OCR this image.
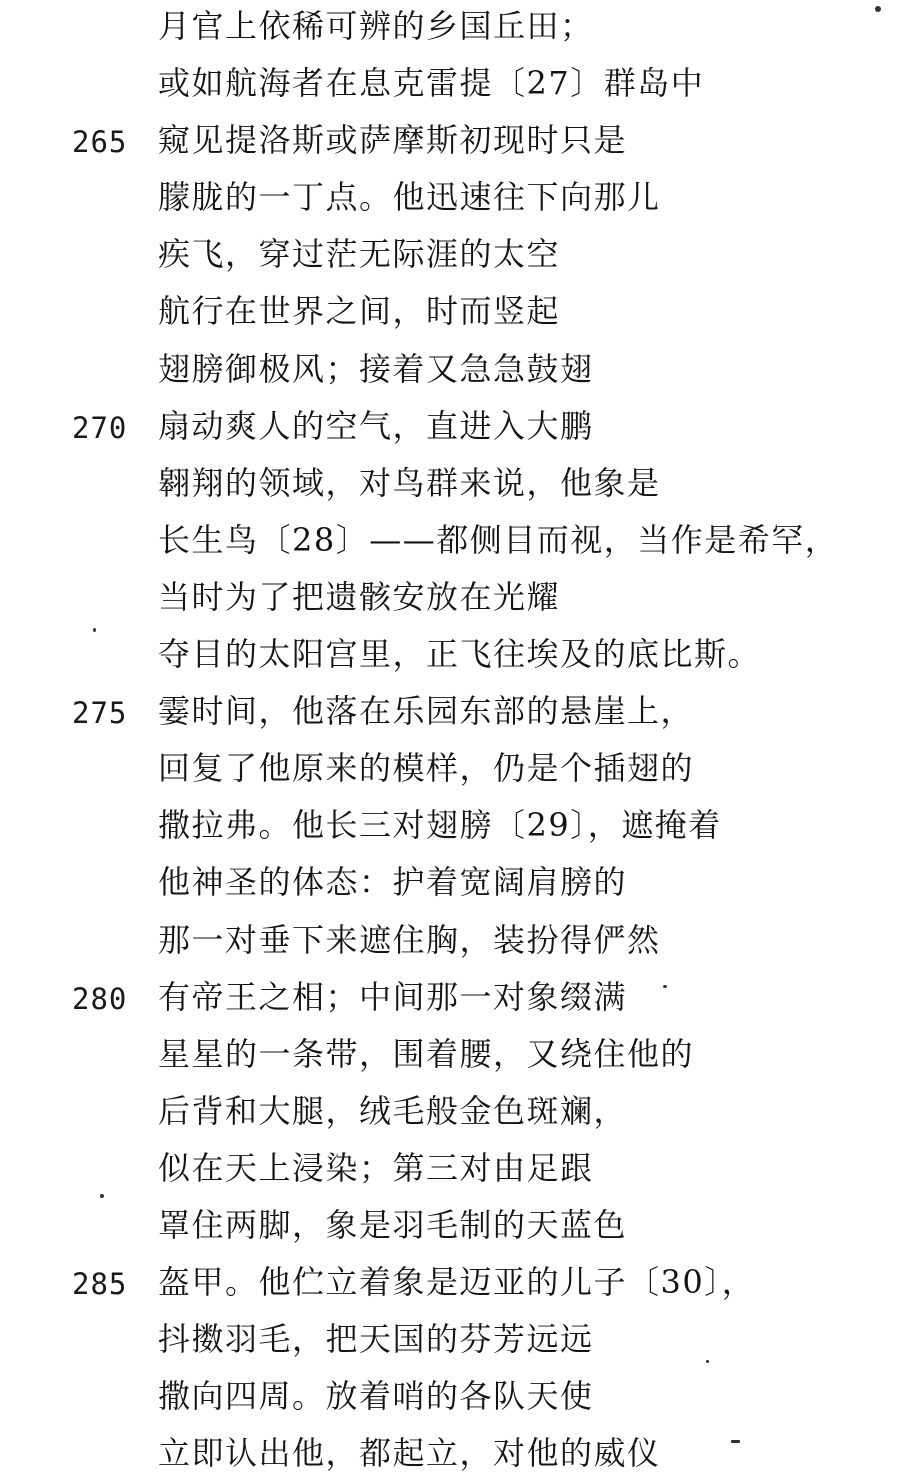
月官上依稀可辨的乡国丘田；
或如航海者在息克雷提〔27〕群岛中
265 窥见提洛斯或萨摩斯初现时只是
朦胧的一丁点。他迅速往下向那儿
疾飞，穿过茫无际涯的太空
航行在世界之间，时而竖起
翅膀御极风；接着又急急鼓翅
270 扇动爽人的空气，直进入大鹏
翱翔的领域，对鸟群来说，他象是
长生鸟〔28〕——都侧目而视，当作是希罕，
当时为了把遗骸安放在光耀
夺目的太阳宫里，正飞往埃及的底比斯。
275 霎时间，他落在乐园东部的悬崖上，
回复了他原来的模样，仍是个插翅的
撒拉弗。他长三对翅膀〔29〕，遮掩着
他神圣的体态：护着宽阔肩膀的
那一对垂下来遮住胸，装扮得俨然
280 有帝王之相；中间那一对象缀满
星星的一条带，围着腰，又绕住他的
后背和大腿，绒毛般金色斑斓，
似在天上浸染；第三对由足跟
罩住两脚，象是羽毛制的天蓝色
285 盔甲。他伫立着象是迈亚的儿子〔30〕，
抖擞羽毛，把天国的芬芳远远
撒向四周。放着哨的各队天使
立即认出他，都起立，对他的威仪
